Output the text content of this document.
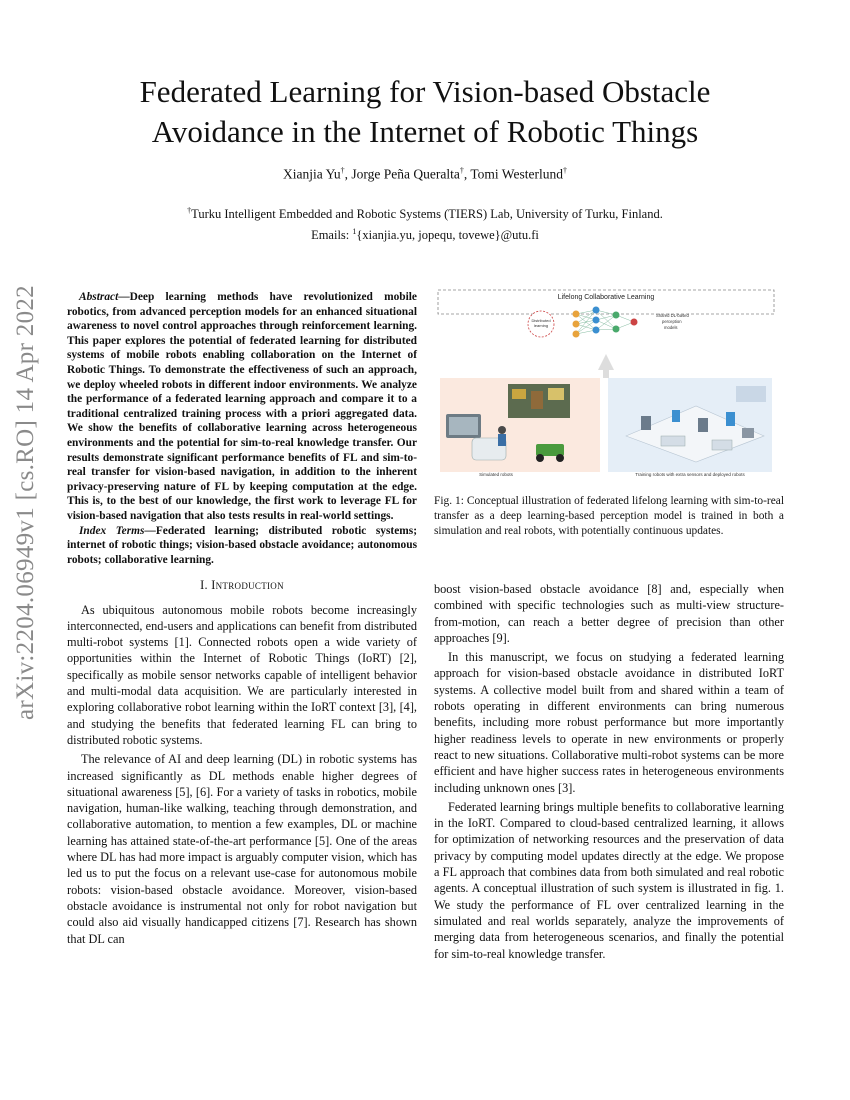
arXiv:2204.06949v1 [cs.RO] 14 Apr 2022
Federated Learning for Vision-based Obstacle
Avoidance in the Internet of Robotic Things
Xianjia Yu†, Jorge Peña Queralta†, Tomi Westerlund†
†Turku Intelligent Embedded and Robotic Systems (TIERS) Lab, University of Turku, Finland.
Emails: $^1${xianjia.yu, jopequ, tovewe}@utu.fi

Abstract—Deep learning methods have revolutionized mobile robotics, from advanced perception models for an enhanced situational awareness to novel control approaches through reinforcement learning. This paper explores the potential of federated learning for distributed systems of mobile robots enabling collaboration on the Internet of Robotic Things. To demonstrate the effectiveness of such an approach, we deploy wheeled robots in different indoor environments. We analyze the performance of a federated learning approach and compare it to a traditional centralized training process with a priori aggregated data. We show the benefits of collaborative learning across heterogeneous environments and the potential for sim-to-real knowledge transfer. Our results demonstrate significant performance benefits of FL and sim-to-real transfer for vision-based navigation, in addition to the inherent privacy-preserving nature of FL by keeping computation at the edge. This is, to the best of our knowledge, the first work to leverage FL for vision-based navigation that also tests results in real-world settings.

Index Terms—Federated learning; distributed robotic systems; internet of robotic things; vision-based obstacle avoidance; autonomous robots; collaborative learning.

I. Introduction

As ubiquitous autonomous mobile robots become increasingly interconnected, end-users and applications can benefit from distributed multi-robot systems [1]. Connected robots open a wide variety of opportunities within the Internet of Robotic Things (IoRT) [2], specifically as mobile sensor networks capable of intelligent behavior and multi-modal data acquisition. We are particularly interested in exploring collaborative robot learning within the IoRT context [3], [4], and studying the benefits that federated learning FL can bring to distributed robotic systems.

The relevance of AI and deep learning (DL) in robotic systems has increased significantly as DL methods enable higher degrees of situational awareness [5], [6]. For a variety of tasks in robotics, mobile navigation, human-like walking, teaching through demonstration, and collaborative automation, to mention a few examples, DL or machine learning has attained state-of-the-art performance [5]. One of the areas where DL has had more impact is arguably computer vision, which has led us to put the focus on a relevant use-case for autonomous mobile robots: vision-based obstacle avoidance. Moreover, vision-based obstacle avoidance is instrumental not only for robot navigation but could also aid visually handicapped citizens [7]. Research has shown that DL can

Lifelong Collaborative Learning
Distributed
learning
Shared DL-based
perception
models
Simulated robots	Training robots with extra sensors and deployed robots
Fig. 1: Conceptual illustration of federated lifelong learning with sim-to-real transfer as a deep learning-based perception model is trained in both a simulation and real robots, with potentially continuous updates.

boost vision-based obstacle avoidance [8] and, especially when combined with specific technologies such as multi-view structure-from-motion, can reach a better degree of precision than other approaches [9].

In this manuscript, we focus on studying a federated learning approach for vision-based obstacle avoidance in distributed IoRT systems. A collective model built from and shared within a team of robots operating in different environments can bring numerous benefits, including more robust performance but more importantly higher readiness levels to operate in new environments or properly react to new situations. Collaborative multi-robot systems can be more efficient and have higher success rates in heterogeneous environments including unknown ones [3].

Federated learning brings multiple benefits to collaborative learning in the IoRT. Compared to cloud-based centralized learning, it allows for optimization of networking resources and the preservation of data privacy by computing model updates directly at the edge. We propose a FL approach that combines data from both simulated and real robotic agents. A conceptual illustration of such system is illustrated in fig. 1. We study the performance of FL over centralized learning in the simulated and real worlds separately, analyze the improvements of merging data from heterogeneous scenarios, and finally the potential for sim-to-real knowledge transfer.
